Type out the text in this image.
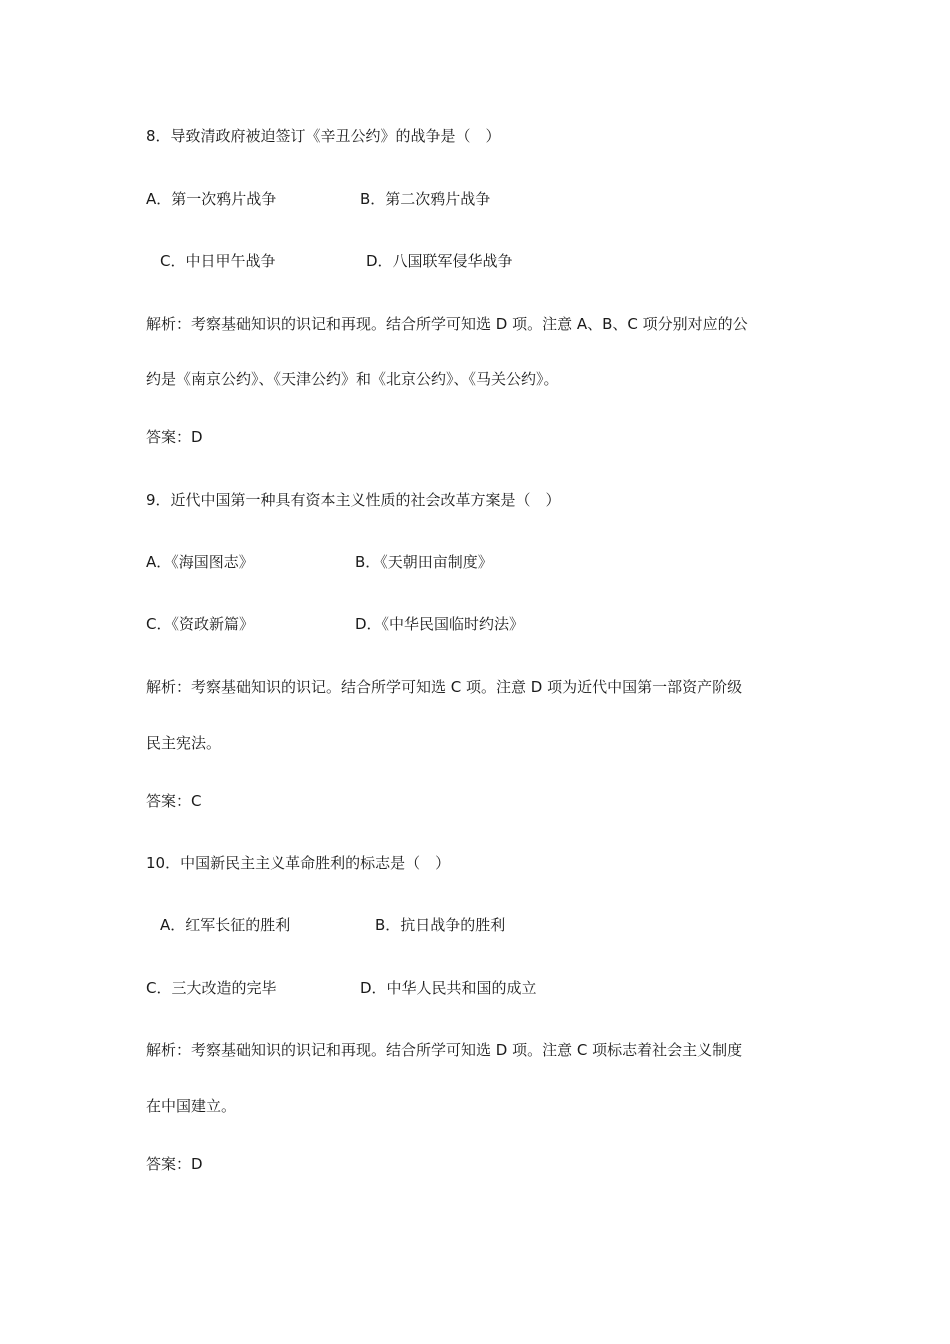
8．导致清政府被迫签订《辛丑公约》的战争是（　）
A．第一次鸦片战争	B．第二次鸦片战争
C．中日甲午战争	D．八国联军侵华战争
解析：考察基础知识的识记和再现。结合所学可知选 D 项。注意 A、B、C 项分别对应的公
约是《南京公约》、《天津公约》和《北京公约》、《马关公约》。
答案：D
9．近代中国第一种具有资本主义性质的社会改革方案是（　）
A．《海国图志》	B．《天朝田亩制度》
C．《资政新篇》	D．《中华民国临时约法》
解析：考察基础知识的识记。结合所学可知选 C 项。注意 D 项为近代中国第一部资产阶级
民主宪法。
答案：C
10．中国新民主主义革命胜利的标志是（　）
A．红军长征的胜利	B．抗日战争的胜利
C．三大改造的完毕	D．中华人民共和国的成立
解析：考察基础知识的识记和再现。结合所学可知选 D 项。注意 C 项标志着社会主义制度
在中国建立。
答案：D
